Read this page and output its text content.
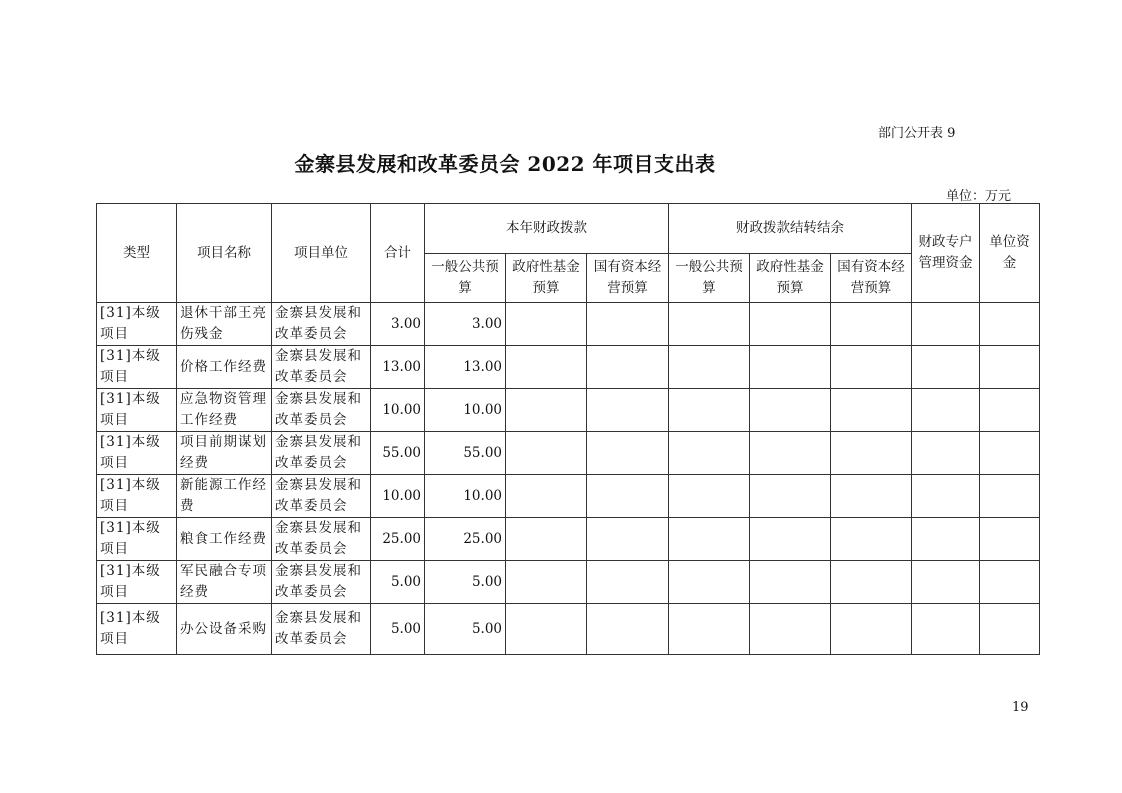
部门公开表 9
金寨县发展和改革委员会 2022 年项目支出表
单位：万元
类型	项目名称	项目单位	合计	本年财政拨款			财政拨款结转结余			财政专户管理资金	单位资金
				一般公共预算	政府性基金预算	国有资本经营预算	一般公共预算	政府性基金预算	国有资本经营预算		
[31]本级项目	退休干部王亮伤残金	金寨县发展和改革委员会	3.00	3.00							
[31]本级项目	价格工作经费	金寨县发展和改革委员会	13.00	13.00							
[31]本级项目	应急物资管理工作经费	金寨县发展和改革委员会	10.00	10.00							
[31]本级项目	项目前期谋划经费	金寨县发展和改革委员会	55.00	55.00							
[31]本级项目	新能源工作经费	金寨县发展和改革委员会	10.00	10.00							
[31]本级项目	粮食工作经费	金寨县发展和改革委员会	25.00	25.00							
[31]本级项目	军民融合专项经费	金寨县发展和改革委员会	5.00	5.00							
[31]本级项目	办公设备采购	金寨县发展和改革委员会	5.00	5.00							
19
